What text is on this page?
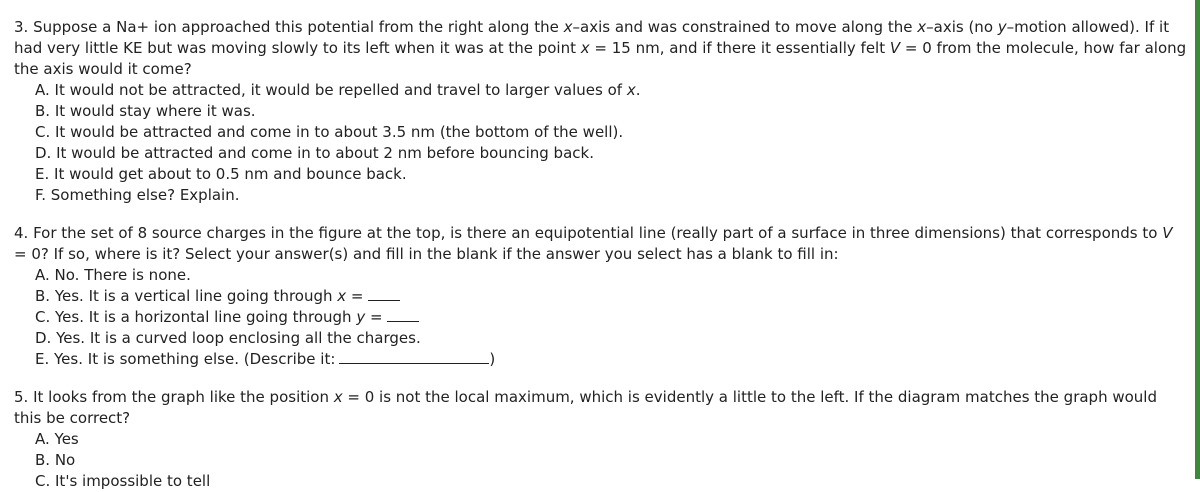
3. Suppose a Na+ ion approached this potential from the right along the x–axis and was constrained to move along the x–axis (no y–motion allowed). If it had very little KE but was moving slowly to its left when it was at the point x = 15 nm, and if there it essentially felt V = 0 from the molecule, how far along the axis would it come?

A. It would not be attracted, it would be repelled and travel to larger values of x.
B. It would stay where it was.
C. It would be attracted and come in to about 3.5 nm (the bottom of the well).
D. It would be attracted and come in to about 2 nm before bouncing back.
E. It would get about to 0.5 nm and bounce back.
F. Something else? Explain.

4. For the set of 8 source charges in the figure at the top, is there an equipotential line (really part of a surface in three dimensions) that corresponds to V = 0? If so, where is it? Select your answer(s) and fill in the blank if the answer you select has a blank to fill in:

A. No. There is none.
B. Yes. It is a vertical line going through x =
C. Yes. It is a horizontal line going through y =
D. Yes. It is a curved loop enclosing all the charges.
E. Yes. It is something else. (Describe it:	)

5. It looks from the graph like the position x = 0 is not the local maximum, which is evidently a little to the left. If the diagram matches the graph would this be correct?

A. Yes
B. No
C. It's impossible to tell
